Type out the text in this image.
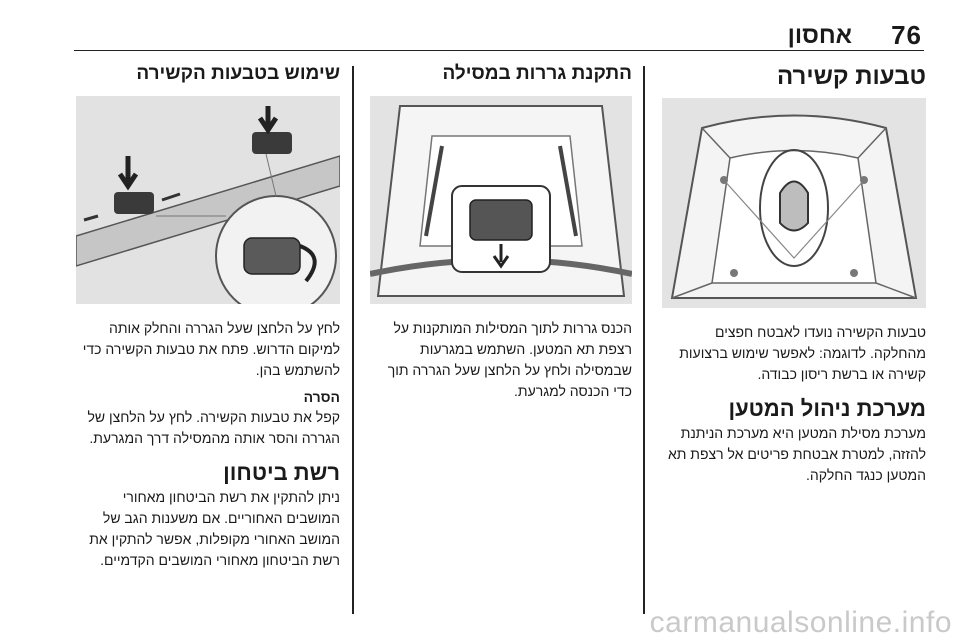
76
אחסון
טבעות קשירה

טבעות הקשירה נועדו לאבטח חפצים מהחלקה. לדוגמה: לאפשר שימוש ברצועות קשירה או ברשת ריסון כבודה.

מערכת ניהול המטען

מערכת מסילת המטען היא מערכת הניתנת להזזה, למטרת אבטחת פריטים אל רצפת תא המטען כנגד החלקה.

התקנת גררות במסילה

הכנס גררות לתוך המסילות המותקנות על רצפת תא המטען. השתמש במגרעות שבמסילה ולחץ על הלחצן שעל הגררה תוך כדי הכנסה למגרעת.

שימוש בטבעות הקשירה

לחץ על הלחצן שעל הגררה והחלק אותה למיקום הדרוש. פתח את טבעות הקשירה כדי להשתמש בהן.

הסרה

קפל את טבעות הקשירה. לחץ על הלחצן של הגררה והסר אותה מהמסילה דרך המגרעת.

רשת ביטחון

ניתן להתקין את רשת הביטחון מאחורי המושבים האחוריים. אם משענות הגב של המושב האחורי מקופלות, אפשר להתקין את רשת הביטחון מאחורי המושבים הקדמיים.

carmanualsonline.info
